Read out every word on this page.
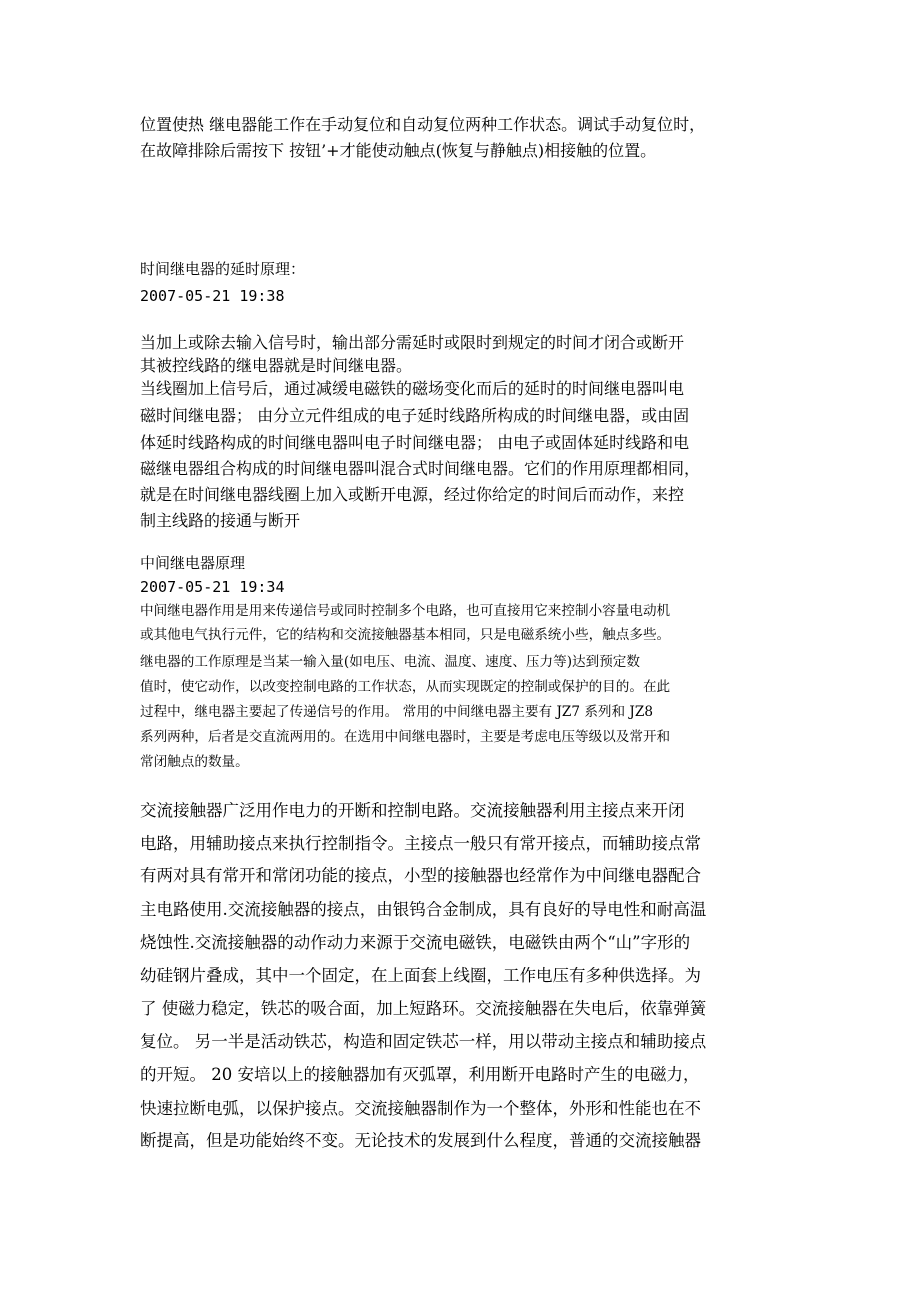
位置使热 继电器能工作在手动复位和自动复位两种工作状态。调试手动复位时，
在故障排除后需按下 按钮’+才能使动触点(恢复与静触点)相接触的位置。
时间继电器的延时原理：
2007-05-21 19:38
当加上或除去输入信号时，输出部分需延时或限时到规定的时间才闭合或断开
其被控线路的继电器就是时间继电器。
当线圈加上信号后，通过减缓电磁铁的磁场变化而后的延时的时间继电器叫电
磁时间继电器； 由分立元件组成的电子延时线路所构成的时间继电器，或由固
体延时线路构成的时间继电器叫电子时间继电器； 由电子或固体延时线路和电
磁继电器组合构成的时间继电器叫混合式时间继电器。它们的作用原理都相同，
就是在时间继电器线圈上加入或断开电源，经过你给定的时间后而动作，来控
制主线路的接通与断开
中间继电器原理
2007-05-21 19:34
中间继电器作用是用来传递信号或同时控制多个电路，也可直接用它来控制小容量电动机
或其他电气执行元件，它的结构和交流接触器基本相同，只是电磁系统小些，触点多些。
继电器的工作原理是当某一输入量(如电压、电流、温度、速度、压力等)达到预定数
值时，使它动作，以改变控制电路的工作状态，从而实现既定的控制或保护的目的。在此
过程中，继电器主要起了传递信号的作用。 常用的中间继电器主要有 JZ7 系列和 JZ8
系列两种，后者是交直流两用的。在选用中间继电器时，主要是考虑电压等级以及常开和
常闭触点的数量。
交流接触器广泛用作电力的开断和控制电路。交流接触器利用主接点来开闭
电路，用辅助接点来执行控制指令。主接点一般只有常开接点，而辅助接点常
有两对具有常开和常闭功能的接点，小型的接触器也经常作为中间继电器配合
主电路使用.交流接触器的接点，由银钨合金制成，具有良好的导电性和耐高温
烧蚀性.交流接触器的动作动力来源于交流电磁铁，电磁铁由两个“山”字形的
幼硅钢片叠成，其中一个固定，在上面套上线圈，工作电压有多种供选择。为
了 使磁力稳定，铁芯的吸合面，加上短路环。交流接触器在失电后，依靠弹簧
复位。 另一半是活动铁芯，构造和固定铁芯一样，用以带动主接点和辅助接点
的开短。 20 安培以上的接触器加有灭弧罩，利用断开电路时产生的电磁力，
快速拉断电弧，以保护接点。交流接触器制作为一个整体，外形和性能也在不
断提高，但是功能始终不变。无论技术的发展到什么程度，普通的交流接触器
